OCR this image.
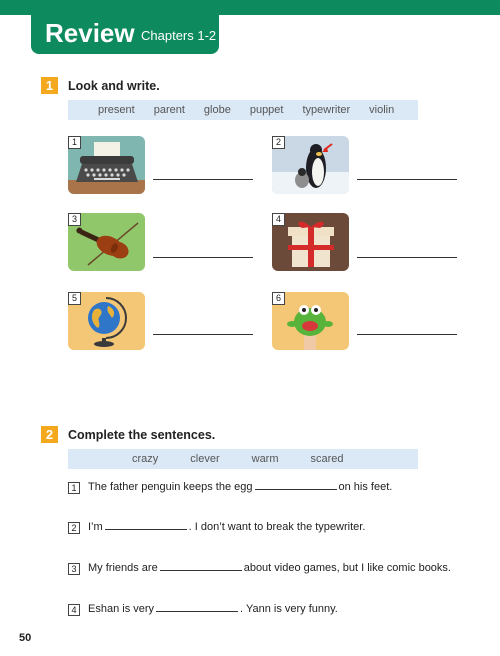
Review Chapters 1-2
1	Look and write.
present parent globe puppet typewriter violin
1	2
3	4
5	6
2	Complete the sentences.
crazy	clever	warm	scared
1	The father penguin keeps the egg	on his feet.
2	I’m	. I don’t want to break the typewriter.
3	My friends are	about video games, but I like comic books.
4	Eshan is very	. Yann is very funny.
50
